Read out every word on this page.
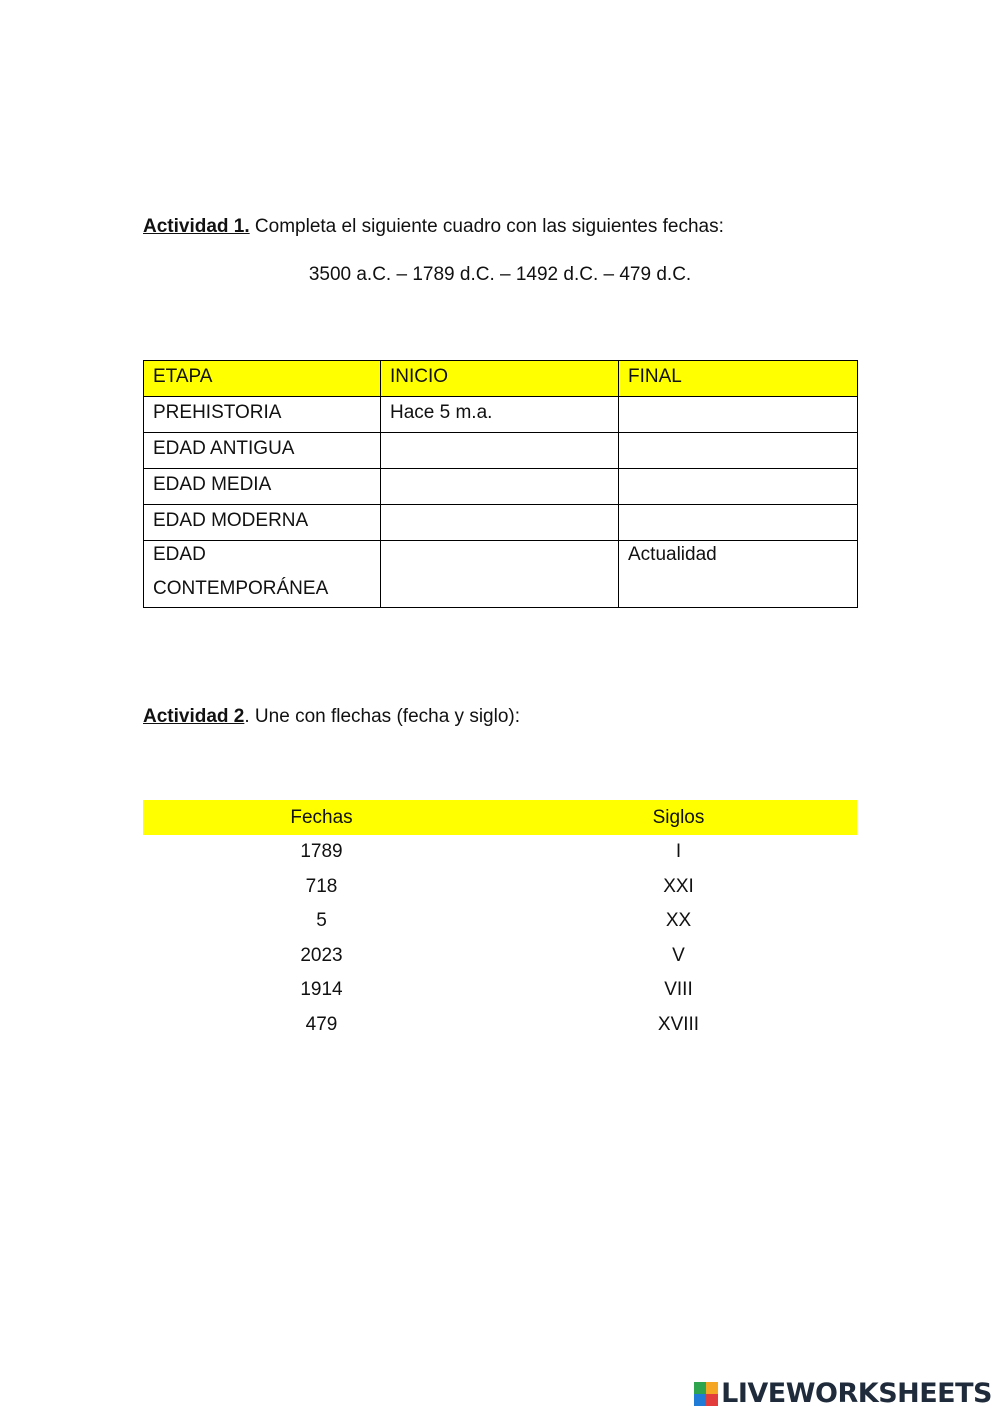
Actividad 1. Completa el siguiente cuadro con las siguientes fechas:
3500 a.C. – 1789 d.C. – 1492 d.C. – 479 d.C.
ETAPA	INICIO	FINAL
PREHISTORIA	Hace 5 m.a.	
EDAD ANTIGUA		
EDAD MEDIA		
EDAD MODERNA		

EDAD
CONTEMPORÁNEA		Actualidad
Actividad 2. Une con flechas (fecha y siglo):
Fechas	Siglos
1789	I
718	XXI
5	XX
2023	V
1914	VIII
479	XVIII
LIVEWORKSHEETS
